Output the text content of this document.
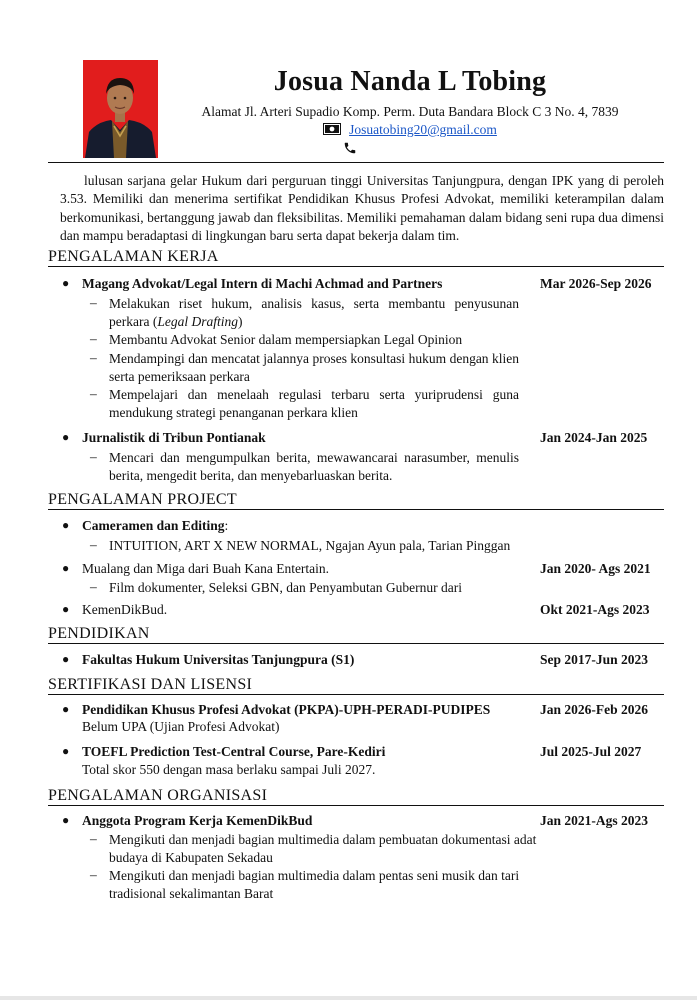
Josua Nanda L Tobing
Alamat Jl. Arteri Supadio Komp. Perm. Duta Bandara Block C 3 No. 4, 7839
Josuatobing20@gmail.com
lulusan sarjana gelar Hukum dari perguruan tinggi Universitas Tanjungpura, dengan IPK yang di peroleh 3.53. Memiliki dan menerima sertifikat Pendidikan Khusus Profesi Advokat, memiliki keterampilan dalam berkomunikasi, bertanggung jawab dan fleksibilitas. Memiliki pemahaman dalam bidang seni rupa dua dimensi dan mampu beradaptasi di lingkungan baru serta dapat bekerja dalam tim.
PENGALAMAN KERJA
● Magang Advokat/Legal Intern di Machi Achmad and Partners	Mar 2026-Sep 2026
– Melakukan riset hukum, analisis kasus, serta membantu penyusunan perkara (Legal Drafting)
– Membantu Advokat Senior dalam mempersiapkan Legal Opinion
– Mendampingi dan mencatat jalannya proses konsultasi hukum dengan klien serta pemeriksaan perkara
– Mempelajari dan menelaah regulasi terbaru serta yuriprudensi guna mendukung strategi penanganan perkara klien
● Jurnalistik di Tribun Pontianak	Jan 2024-Jan 2025
– Mencari dan mengumpulkan berita, mewawancarai narasumber, menulis berita, mengedit berita, dan menyebarluaskan berita.
PENGALAMAN PROJECT
● Cameramen dan Editing:
– INTUITION, ART X NEW NORMAL, Ngajan Ayun pala, Tarian Pinggan
● Mualang dan Miga dari Buah Kana Entertain.	Jan 2020- Ags 2021
– Film dokumenter, Seleksi GBN, dan Penyambutan Gubernur dari
● KemenDikBud.	Okt 2021-Ags 2023
PENDIDIKAN
● Fakultas Hukum Universitas Tanjungpura (S1)	Sep 2017-Jun 2023
SERTIFIKASI DAN LISENSI
● Pendidikan Khusus Profesi Advokat (PKPA)-UPH-PERADI-PUDIPES	Jan 2026-Feb 2026
Belum UPA (Ujian Profesi Advokat)
● TOEFL Prediction Test-Central Course, Pare-Kediri	Jul 2025-Jul 2027
Total skor 550 dengan masa berlaku sampai Juli 2027.
PENGALAMAN ORGANISASI
● Anggota Program Kerja KemenDikBud	Jan 2021-Ags 2023
– Mengikuti dan menjadi bagian multimedia dalam pembuatan dokumentasi adat budaya di Kabupaten Sekadau
– Mengikuti dan menjadi bagian multimedia dalam pentas seni musik dan tari tradisional sekalimantan Barat
